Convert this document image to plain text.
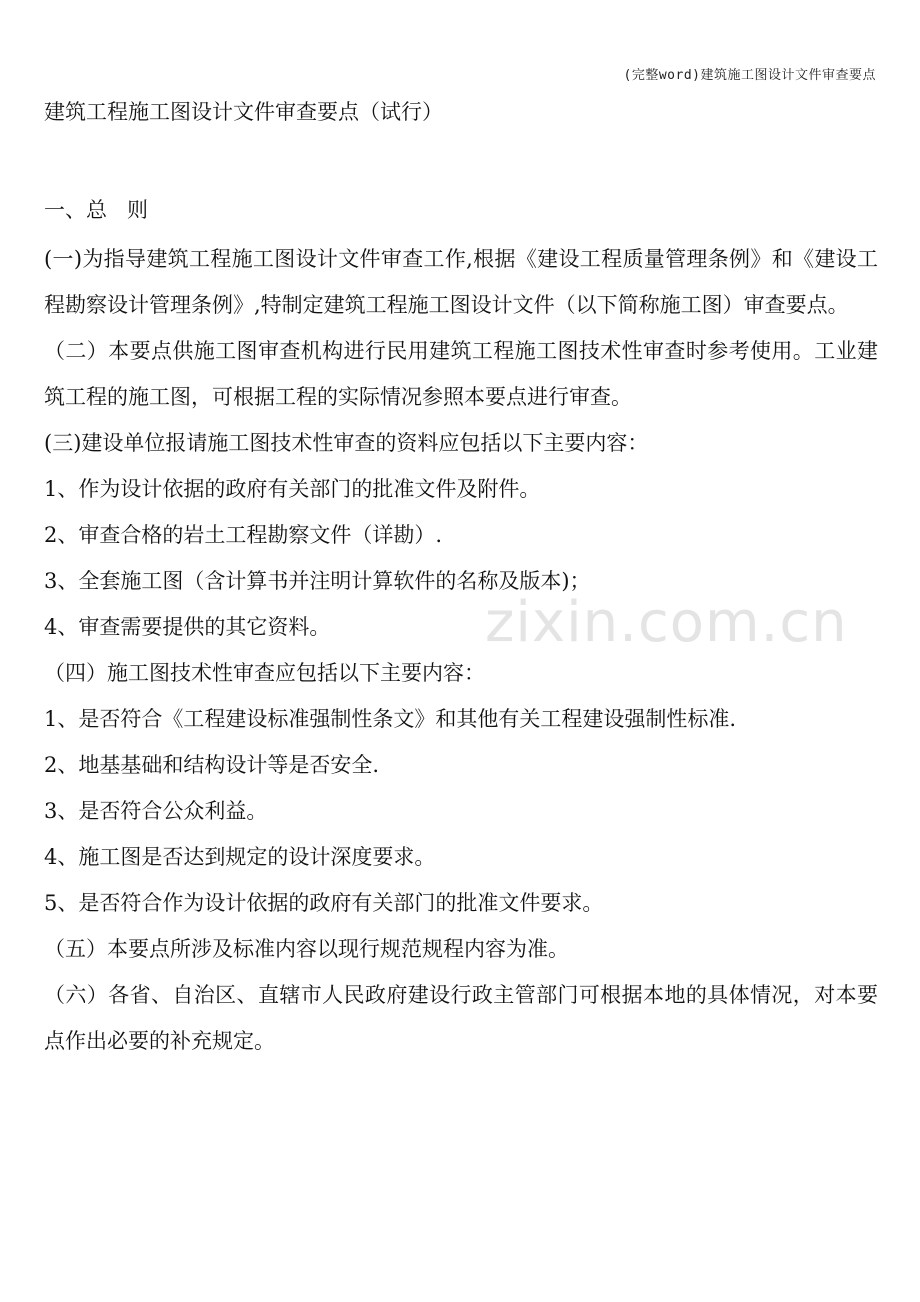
(完整word)建筑施工图设计文件审查要点
zixin.com.cn
建筑工程施工图设计文件审查要点（试行）
一、总   则

(一)为指导建筑工程施工图设计文件审查工作,根据《建设工程质量管理条例》和《建设工程勘察设计管理条例》,特制定建筑工程施工图设计文件（以下简称施工图）审查要点。

（二）本要点供施工图审查机构进行民用建筑工程施工图技术性审查时参考使用。工业建筑工程的施工图，可根据工程的实际情况参照本要点进行审查。

(三)建设单位报请施工图技术性审查的资料应包括以下主要内容：

1、作为设计依据的政府有关部门的批准文件及附件。

2、审查合格的岩土工程勘察文件（详勘）.

3、全套施工图（含计算书并注明计算软件的名称及版本)；

4、审查需要提供的其它资料。

（四）施工图技术性审查应包括以下主要内容：

1、是否符合《工程建设标准强制性条文》和其他有关工程建设强制性标准.

2、地基基础和结构设计等是否安全.

3、是否符合公众利益。

4、施工图是否达到规定的设计深度要求。

5、是否符合作为设计依据的政府有关部门的批准文件要求。

（五）本要点所涉及标准内容以现行规范规程内容为准。

（六）各省、自治区、直辖市人民政府建设行政主管部门可根据本地的具体情况，对本要点作出必要的补充规定。
